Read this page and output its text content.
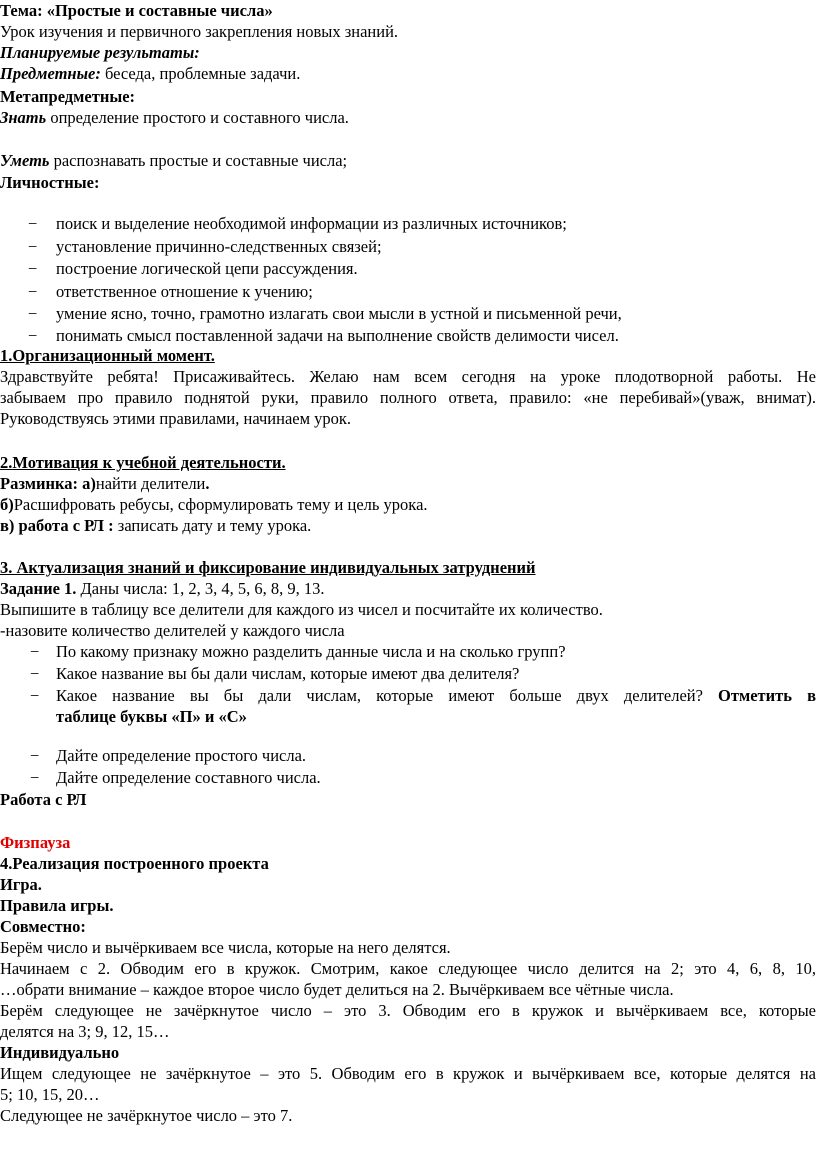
Тема: «Простые и составные числа»
Урок изучения и первичного закрепления новых знаний.
Планируемые результаты:
Предметные: беседа, проблемные задачи.
Метапредметные:
Знать определение простого и составного числа.
Уметь распознавать простые и составные числа;
Личностные:
− поиск и выделение необходимой информации из различных источников;
− установление причинно-следственных связей;
− построение логической цепи рассуждения.
− ответственное отношение к учению;
− умение ясно, точно, грамотно излагать свои мысли в устной и письменной речи,
− понимать смысл поставленной задачи на выполнение свойств делимости чисел.
1.Организационный момент.
Здравствуйте ребята! Присаживайтесь. Желаю нам всем сегодня на уроке плодотворной работы. Не
забываем про правило поднятой руки, правило полного ответа, правило: «не перебивай»(уваж, внимат).
Руководствуясь этими правилами, начинаем урок.
2.Мотивация к учебной деятельности.
Разминка: а)найти делители.
б)Расшифровать ребусы, сформулировать тему и цель урока.
в) работа с РЛ : записать дату и тему урока.
3. Актуализация знаний и фиксирование индивидуальных затруднений
Задание 1. Даны числа: 1, 2, 3, 4, 5, 6, 8, 9, 13.
Выпишите в таблицу все делители для каждого из чисел и посчитайте их количество.
-назовите количество делителей у каждого числа
− По какому признаку можно разделить данные числа и на сколько групп?
− Какое название вы бы дали числам, которые имеют два делителя?
− Какое название вы бы дали числам, которые имеют больше двух делителей? Отметить в
таблице буквы «П» и «С»
− Дайте определение простого числа.
− Дайте определение составного числа.
Работа с РЛ
Физпауза
4.Реализация построенного проекта
Игра.
Правила игры.
Совместно:
Берём число и вычёркиваем все числа, которые на него делятся.
Начинаем с 2. Обводим его в кружок. Смотрим, какое следующее число делится на 2; это 4, 6, 8, 10,
…обрати внимание – каждое второе число будет делиться на 2. Вычёркиваем все чётные числа.
Берём следующее не зачёркнутое число – это 3. Обводим его в кружок и вычёркиваем все, которые
делятся на 3; 9, 12, 15…
Индивидуально
Ищем следующее не зачёркнутое – это 5. Обводим его в кружок и вычёркиваем все, которые делятся на
5; 10, 15, 20…
Следующее не зачёркнутое число – это 7.
